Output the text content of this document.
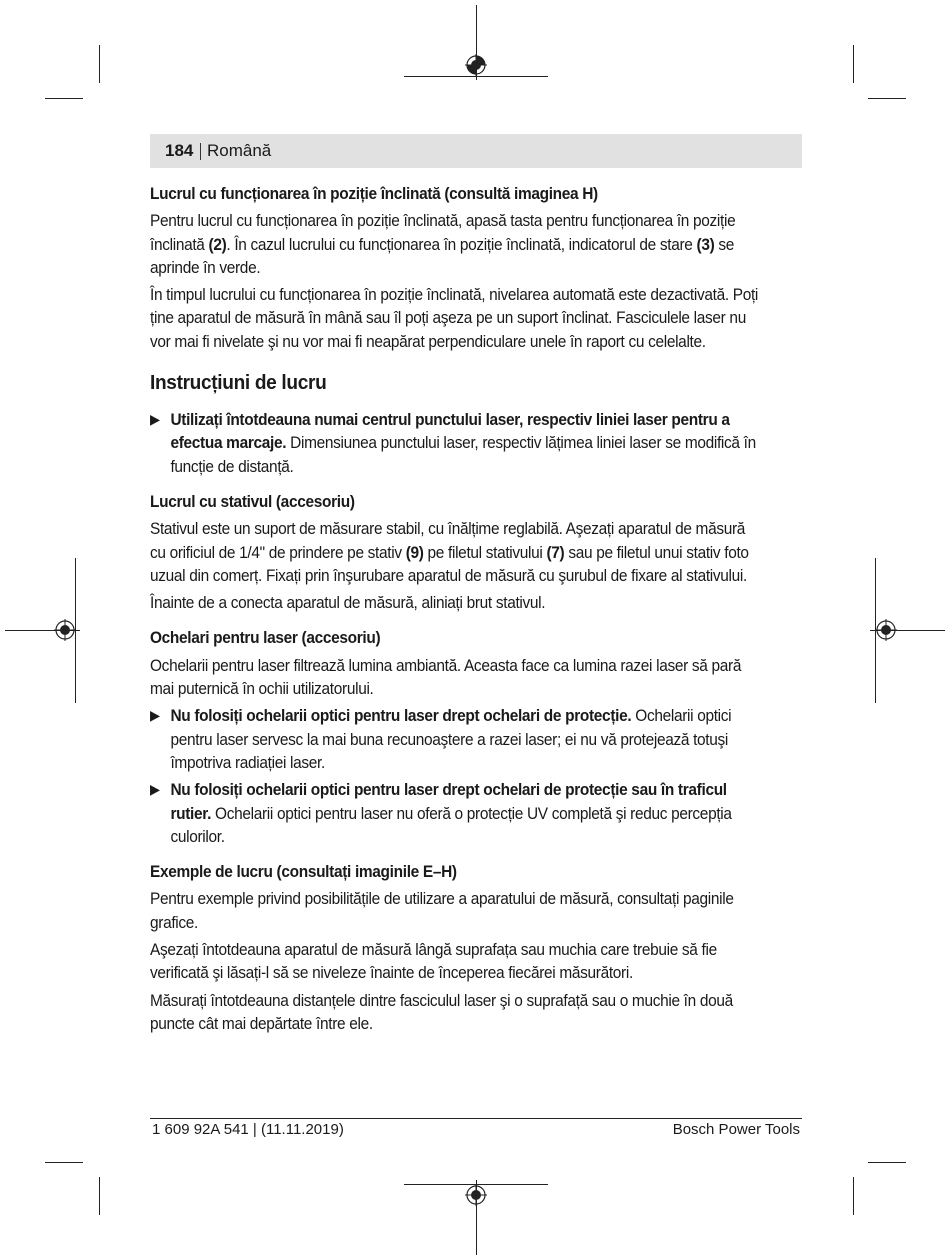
184 Română

Lucrul cu funcționarea în poziție înclinată (consultă imaginea H)

Pentru lucrul cu funcționarea în poziție înclinată, apasă tasta pentru funcționarea în poziție înclinată (2). În cazul lucrului cu funcționarea în poziție înclinată, indicatorul de stare (3) se aprinde în verde.

În timpul lucrului cu funcționarea în poziție înclinată, nivelarea automată este dezactivată. Poți ține aparatul de măsură în mână sau îl poți aşeza pe un suport înclinat. Fasciculele laser nu vor mai fi nivelate şi nu vor mai fi neapărat perpendiculare unele în raport cu celelalte.

Instrucțiuni de lucru
▶ Utilizați întotdeauna numai centrul punctului laser, respectiv liniei laser pentru a efectua marcaje. Dimensiunea punctului laser, respectiv lățimea liniei laser se modifică în funcție de distanță.

Lucrul cu stativul (accesoriu)

Stativul este un suport de măsurare stabil, cu înălțime reglabilă. Aşezați aparatul de măsură cu orificiul de 1/4" de prindere pe stativ (9) pe filetul stativului (7) sau pe filetul unui stativ foto uzual din comerț. Fixați prin înşurubare aparatul de măsură cu şurubul de fixare al stativului.

Înainte de a conecta aparatul de măsură, aliniați brut stativul.

Ochelari pentru laser (accesoriu)

Ochelarii pentru laser filtrează lumina ambiantă. Aceasta face ca lumina razei laser să pară mai puternică în ochii utilizatorului.

▶ Nu folosiți ochelarii optici pentru laser drept ochelari de protecție. Ochelarii optici pentru laser servesc la mai buna recunoaştere a razei laser; ei nu vă protejează totuşi împotriva radiației laser.
▶ Nu folosiți ochelarii optici pentru laser drept ochelari de protecție sau în traficul rutier. Ochelarii optici pentru laser nu oferă o protecție UV completă şi reduc percepția culorilor.

Exemple de lucru (consultați imaginile E–H)

Pentru exemple privind posibilitățile de utilizare a aparatului de măsură, consultați paginile grafice.

Aşezați întotdeauna aparatul de măsură lângă suprafața sau muchia care trebuie să fie verificată şi lăsați-l să se niveleze înainte de începerea fiecărei măsurători.

Măsurați întotdeauna distanțele dintre fasciculul laser şi o suprafață sau o muchie în două puncte cât mai depărtate între ele.

1 609 92A 541 | (11.11.2019)	Bosch Power Tools
